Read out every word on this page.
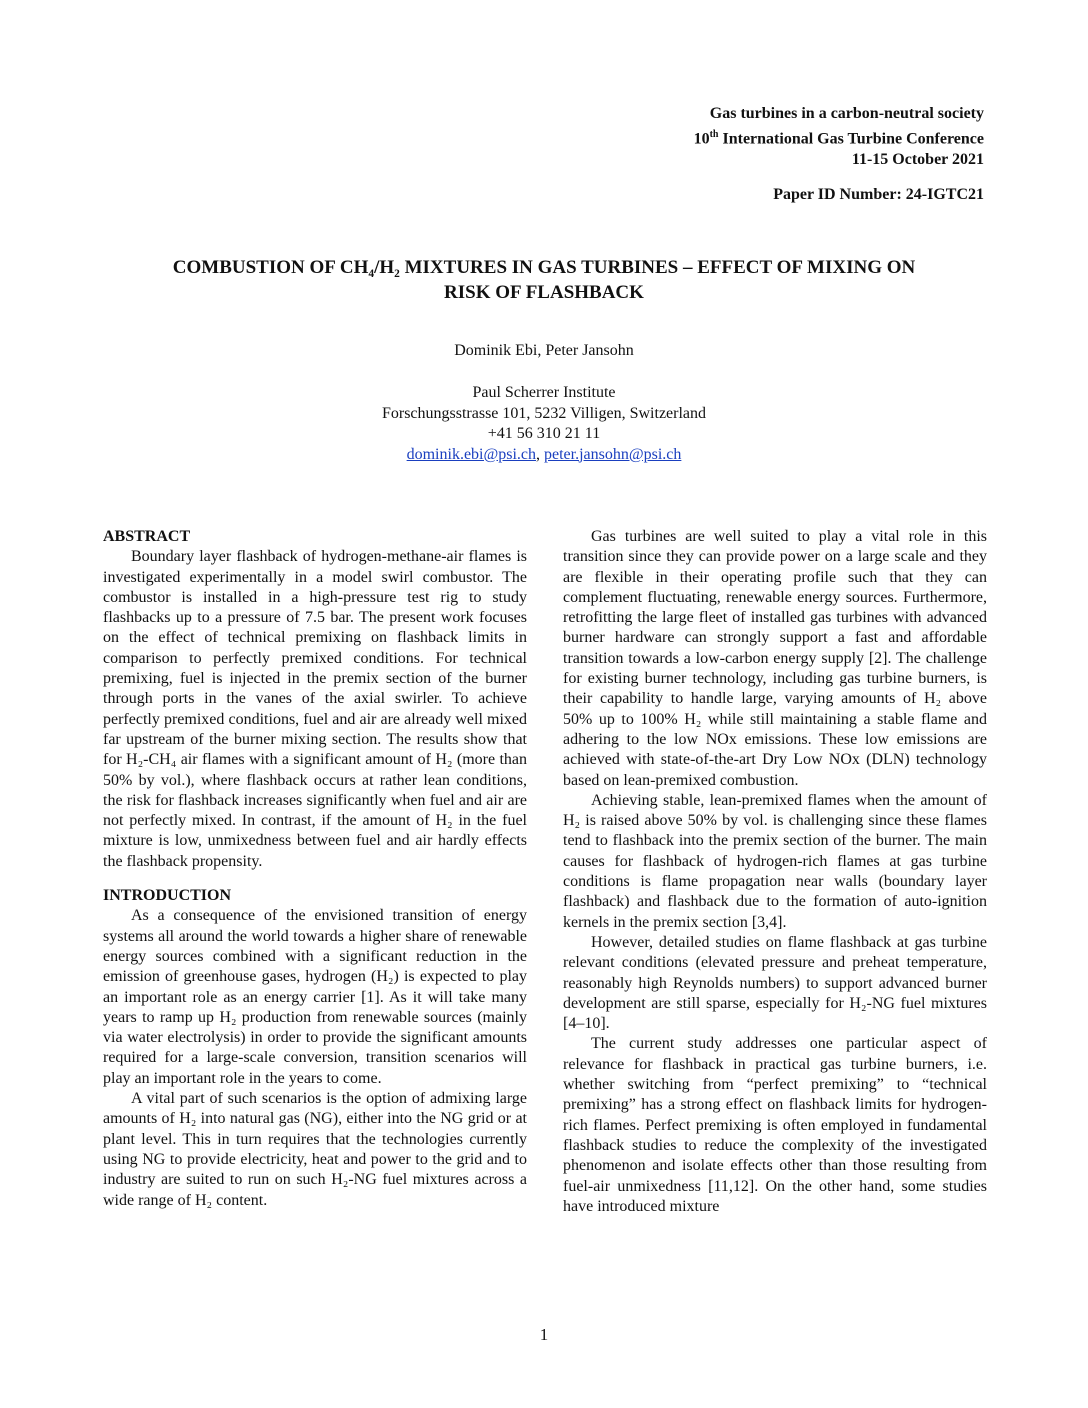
Gas turbines in a carbon-neutral society
10th International Gas Turbine Conference
11-15 October 2021
Paper ID Number: 24-IGTC21
COMBUSTION OF CH₄/H₂ MIXTURES IN GAS TURBINES – EFFECT OF MIXING ON
RISK OF FLASHBACK
Dominik Ebi, Peter Jansohn
Paul Scherrer Institute
Forschungsstrasse 101, 5232 Villigen, Switzerland
+41 56 310 21 11
dominik.ebi@psi.ch, peter.jansohn@psi.ch
ABSTRACT

Boundary layer flashback of hydrogen-methane-air flames is investigated experimentally in a model swirl combustor. The combustor is installed in a high-pressure test rig to study flashbacks up to a pressure of 7.5 bar. The present work focuses on the effect of technical premixing on flashback limits in comparison to perfectly premixed conditions. For technical premixing, fuel is injected in the premix section of the burner through ports in the vanes of the axial swirler. To achieve perfectly premixed conditions, fuel and air are already well mixed far upstream of the burner mixing section. The results show that for H₂-CH₄ air flames with a significant amount of H₂ (more than 50% by vol.), where flashback occurs at rather lean conditions, the risk for flashback increases significantly when fuel and air are not perfectly mixed. In contrast, if the amount of H₂ in the fuel mixture is low, unmixedness between fuel and air hardly effects the flashback propensity.

INTRODUCTION

As a consequence of the envisioned transition of energy systems all around the world towards a higher share of renewable energy sources combined with a significant reduction in the emission of greenhouse gases, hydrogen (H₂) is expected to play an important role as an energy carrier [1]. As it will take many years to ramp up H₂ production from renewable sources (mainly via water electrolysis) in order to provide the significant amounts required for a large-scale conversion, transition scenarios will play an important role in the years to come.

A vital part of such scenarios is the option of admixing large amounts of H₂ into natural gas (NG), either into the NG grid or at plant level. This in turn requires that the technologies currently using NG to provide electricity, heat and power to the grid and to industry are suited to run on such H₂-NG fuel mixtures across a wide range of H₂ content.

Gas turbines are well suited to play a vital role in this transition since they can provide power on a large scale and they are flexible in their operating profile such that they can complement fluctuating, renewable energy sources. Furthermore, retrofitting the large fleet of installed gas turbines with advanced burner hardware can strongly support a fast and affordable transition towards a low-carbon energy supply [2]. The challenge for existing burner technology, including gas turbine burners, is their capability to handle large, varying amounts of H₂ above 50% up to 100% H₂ while still maintaining a stable flame and adhering to the low NOx emissions. These low emissions are achieved with state-of-the-art Dry Low NOx (DLN) technology based on lean-premixed combustion.

Achieving stable, lean-premixed flames when the amount of H₂ is raised above 50% by vol. is challenging since these flames tend to flashback into the premix section of the burner. The main causes for flashback of hydrogen-rich flames at gas turbine conditions is flame propagation near walls (boundary layer flashback) and flashback due to the formation of auto-ignition kernels in the premix section [3,4].

However, detailed studies on flame flashback at gas turbine relevant conditions (elevated pressure and preheat temperature, reasonably high Reynolds numbers) to support advanced burner development are still sparse, especially for H₂-NG fuel mixtures [4–10].

The current study addresses one particular aspect of relevance for flashback in practical gas turbine burners, i.e. whether switching from “perfect premixing” to “technical premixing” has a strong effect on flashback limits for hydrogen-rich flames. Perfect premixing is often employed in fundamental flashback studies to reduce the complexity of the investigated phenomenon and isolate effects other than those resulting from fuel-air unmixedness [11,12]. On the other hand, some studies have introduced mixture

1
